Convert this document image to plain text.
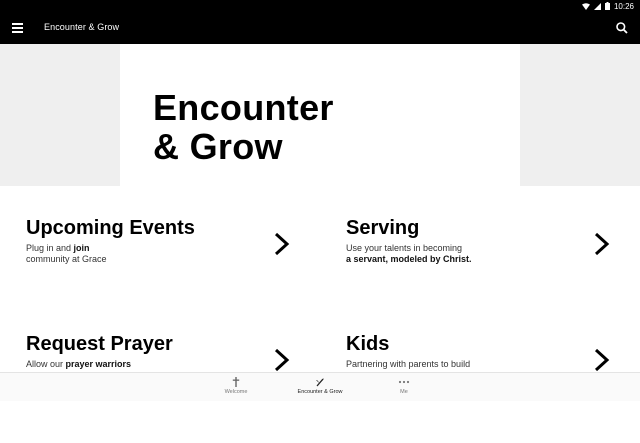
10:26
Encounter & Grow
Encounter
& Grow
Upcoming Events
Plug in and join
community at Grace
Serving
Use your talents in becoming
a servant, modeled by Christ.
Request Prayer
Allow our prayer warriors

Kids
Partnering with parents to build

Welcome	Encounter & Grow	Me
